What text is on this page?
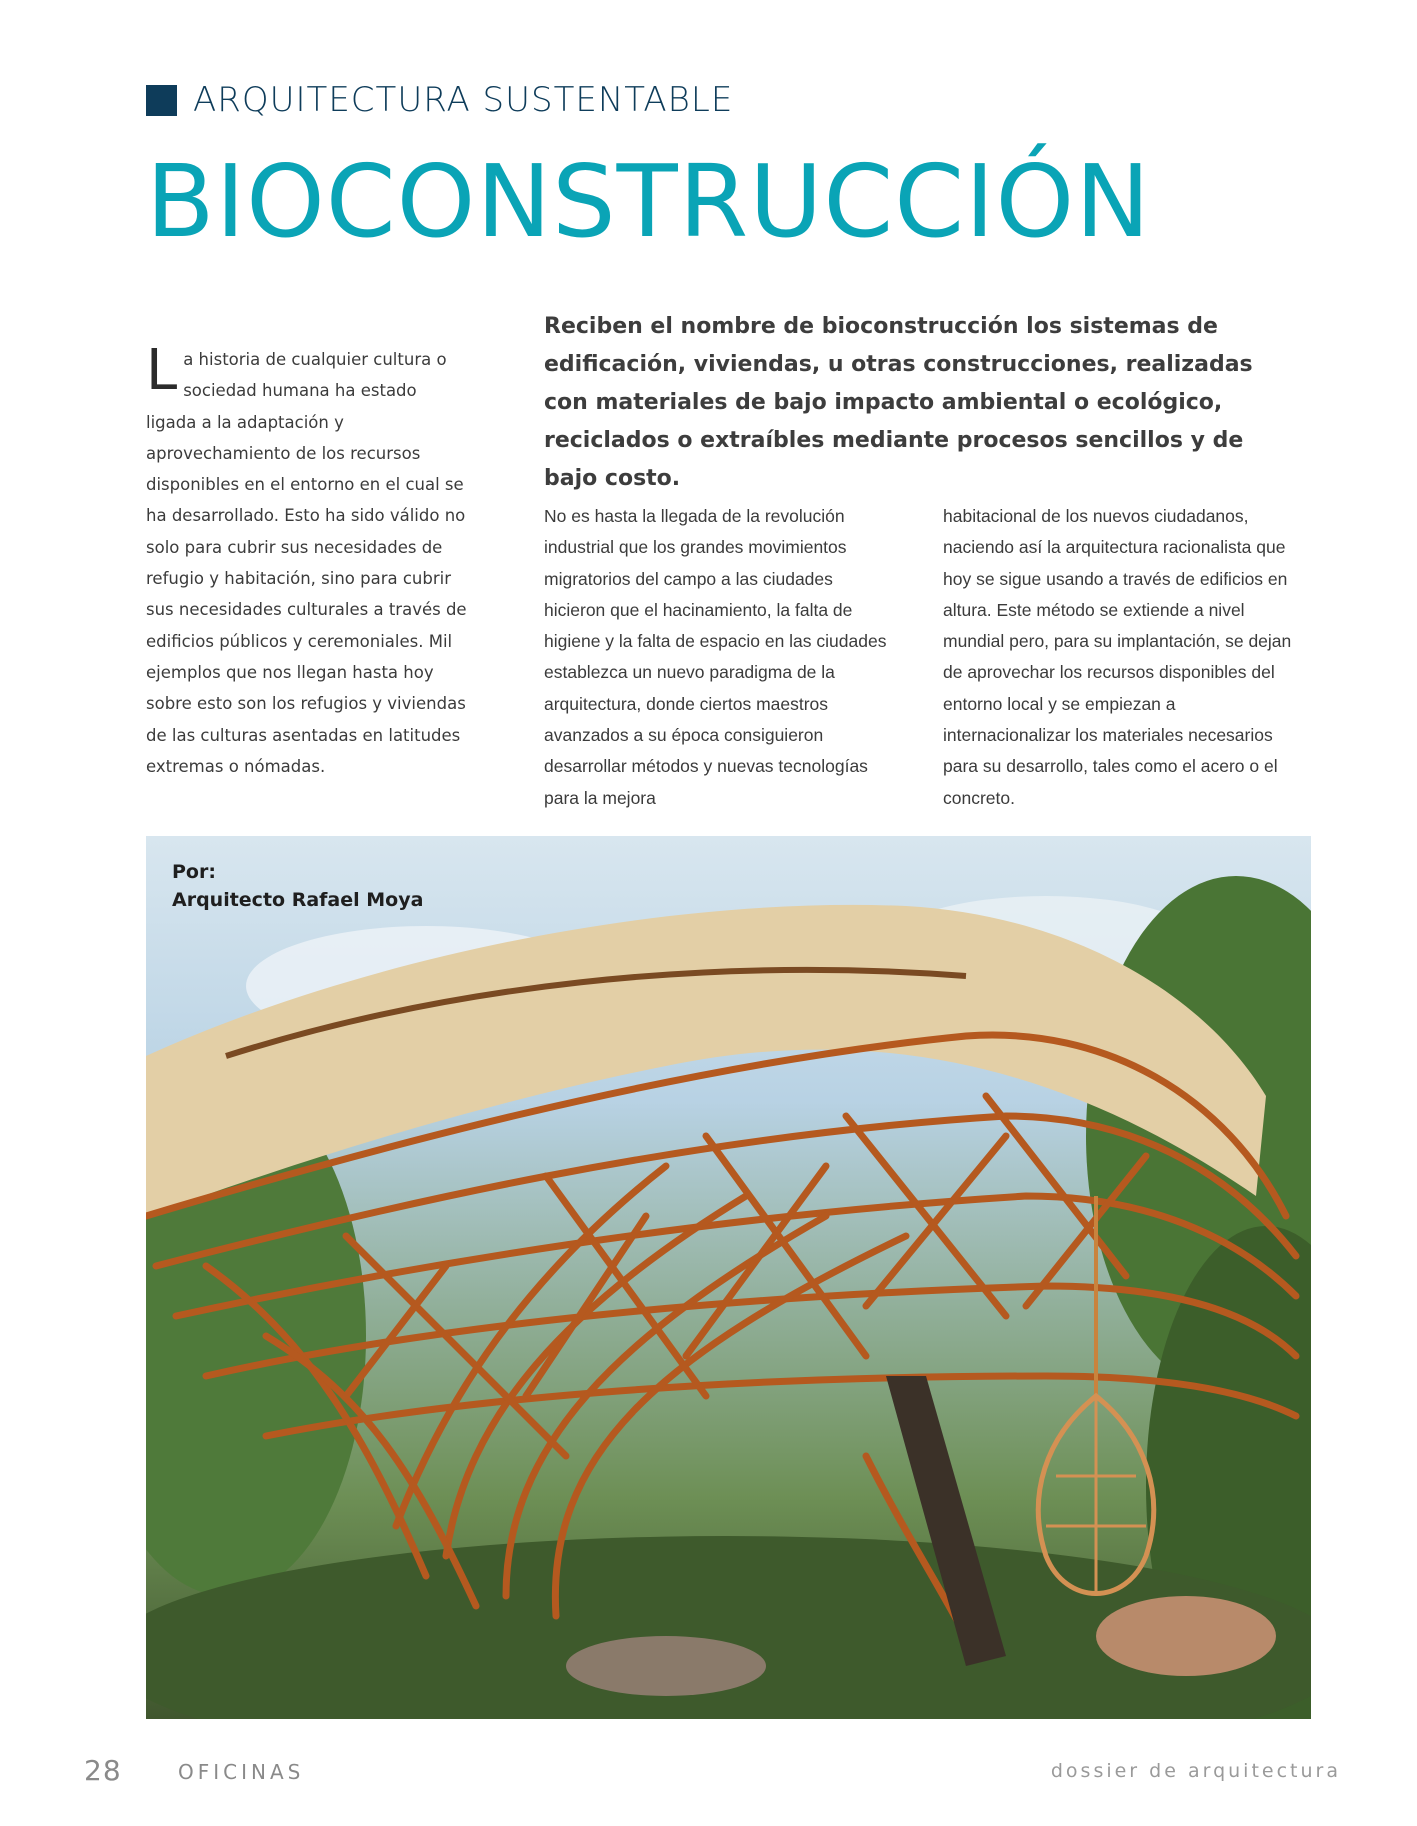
ARQUITECTURA SUSTENTABLE
BIOCONSTRUCCIÓN

Reciben el nombre de bioconstrucción los sistemas de edificación, viviendas, u otras construcciones, realizadas con materiales de bajo impacto ambiental o ecológico, reciclados o extraíbles mediante procesos sencillos y de bajo costo.

La historia de cualquier cultura o sociedad humana ha estado ligada a la adaptación y aprovechamiento de los recursos disponibles en el entorno en el cual se ha desarrollado. Esto ha sido válido no solo para cubrir sus necesidades de refugio y habitación, sino para cubrir sus necesidades culturales a través de edificios públicos y ceremoniales. Mil ejemplos que nos llegan hasta hoy sobre esto son los refugios y viviendas de las culturas asentadas en latitudes extremas o nómadas.

No es hasta la llegada de la revolución industrial que los grandes movimientos migratorios del campo a las ciudades hicieron que el hacinamiento, la falta de higiene y la falta de espacio en las ciudades establezca un nuevo paradigma de la arquitectura, donde ciertos maestros avanzados a su época consiguieron desarrollar métodos y nuevas tecnologías para la mejora

habitacional de los nuevos ciudadanos, naciendo así la arquitectura racionalista que hoy se sigue usando a través de edificios en altura. Este método se extiende a nivel mundial pero, para su implantación, se dejan de aprovechar los recursos disponibles del entorno local y se empiezan a internacionalizar los materiales necesarios para su desarrollo, tales como el acero o el concreto.

Por:
Arquitecto Rafael Moya
28	OFICINAS	dossier de arquitectura
